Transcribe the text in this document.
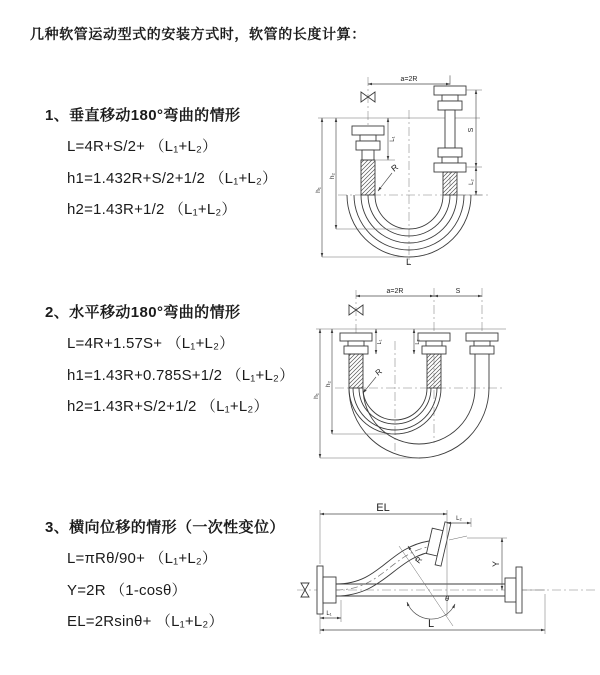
几种软管运动型式的安装方式时，软管的长度计算：
1、垂直移动180°弯曲的情形
L=4R+S/2+ （L₁+L₂）
h1=1.432R+S/2+1/2 （L₁+L₂）
h2=1.43R+1/2 （L₁+L₂）
2、水平移动180°弯曲的情形
L=4R+1.57S+ （L₁+L₂）
h1=1.43R+0.785S+1/2 （L₁+L₂）
h2=1.43R+S/2+1/2 （L₁+L₂）
3、横向位移的情形（一次性变位）
L=πRθ/90+ （L₁+L₂）
Y=2R （1-cosθ）
EL=2Rsinθ+ （L₁+L₂）
a=2R
L₁
h₁
h₂
S
L₂
R
L
a=2R	S
L₁	L₂
h₁
h₂
R
EL
L₂
Y
θ
R
L₁
L
